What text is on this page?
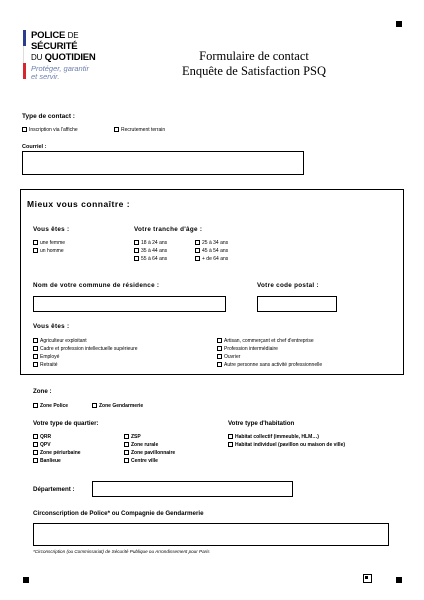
POLICE DE
SÉCURITÉ
DU QUOTIDIEN
Protéger, garantir
et servir.
Formulaire de contact
Enquête de Satisfaction PSQ
Type de contact :
Inscription via l'affiche	Recrutement terrain
Courriel :
Mieux vous connaître :
Vous êtes :
une femme
un homme
Votre tranche d'âge :
18 à 24 ans
35 à 44 ans
55 à 64 ans
25 à 34 ans
45 à 54 ans
+ de 64 ans
Nom de votre commune de résidence :	Votre code postal :
Vous êtes :
Agriculteur exploitant
Cadre et profession intellectuelle supérieure
Employé
Retraité
Artisan, commerçant et chef d'entreprise
Profession intermédiaire
Ouvrier
Autre personne sans activité professionnelle
Zone :
Zone Police	Zone Gendarmerie
Votre type de quartier:
QRR
QPV
Zone périurbaine
Banlieue
ZSP
Zone rurale
Zone pavillonnaire
Centre ville
Votre type d'habitation
Habitat collectif (immeuble, HLM…)
Habitat individuel (pavillon ou maison de ville)
Département :
Circonscription de Police* ou Compagnie de Gendarmerie
*Circonscription (ou Commissariat) de Sécurité Publique ou Arrondissement pour Paris
